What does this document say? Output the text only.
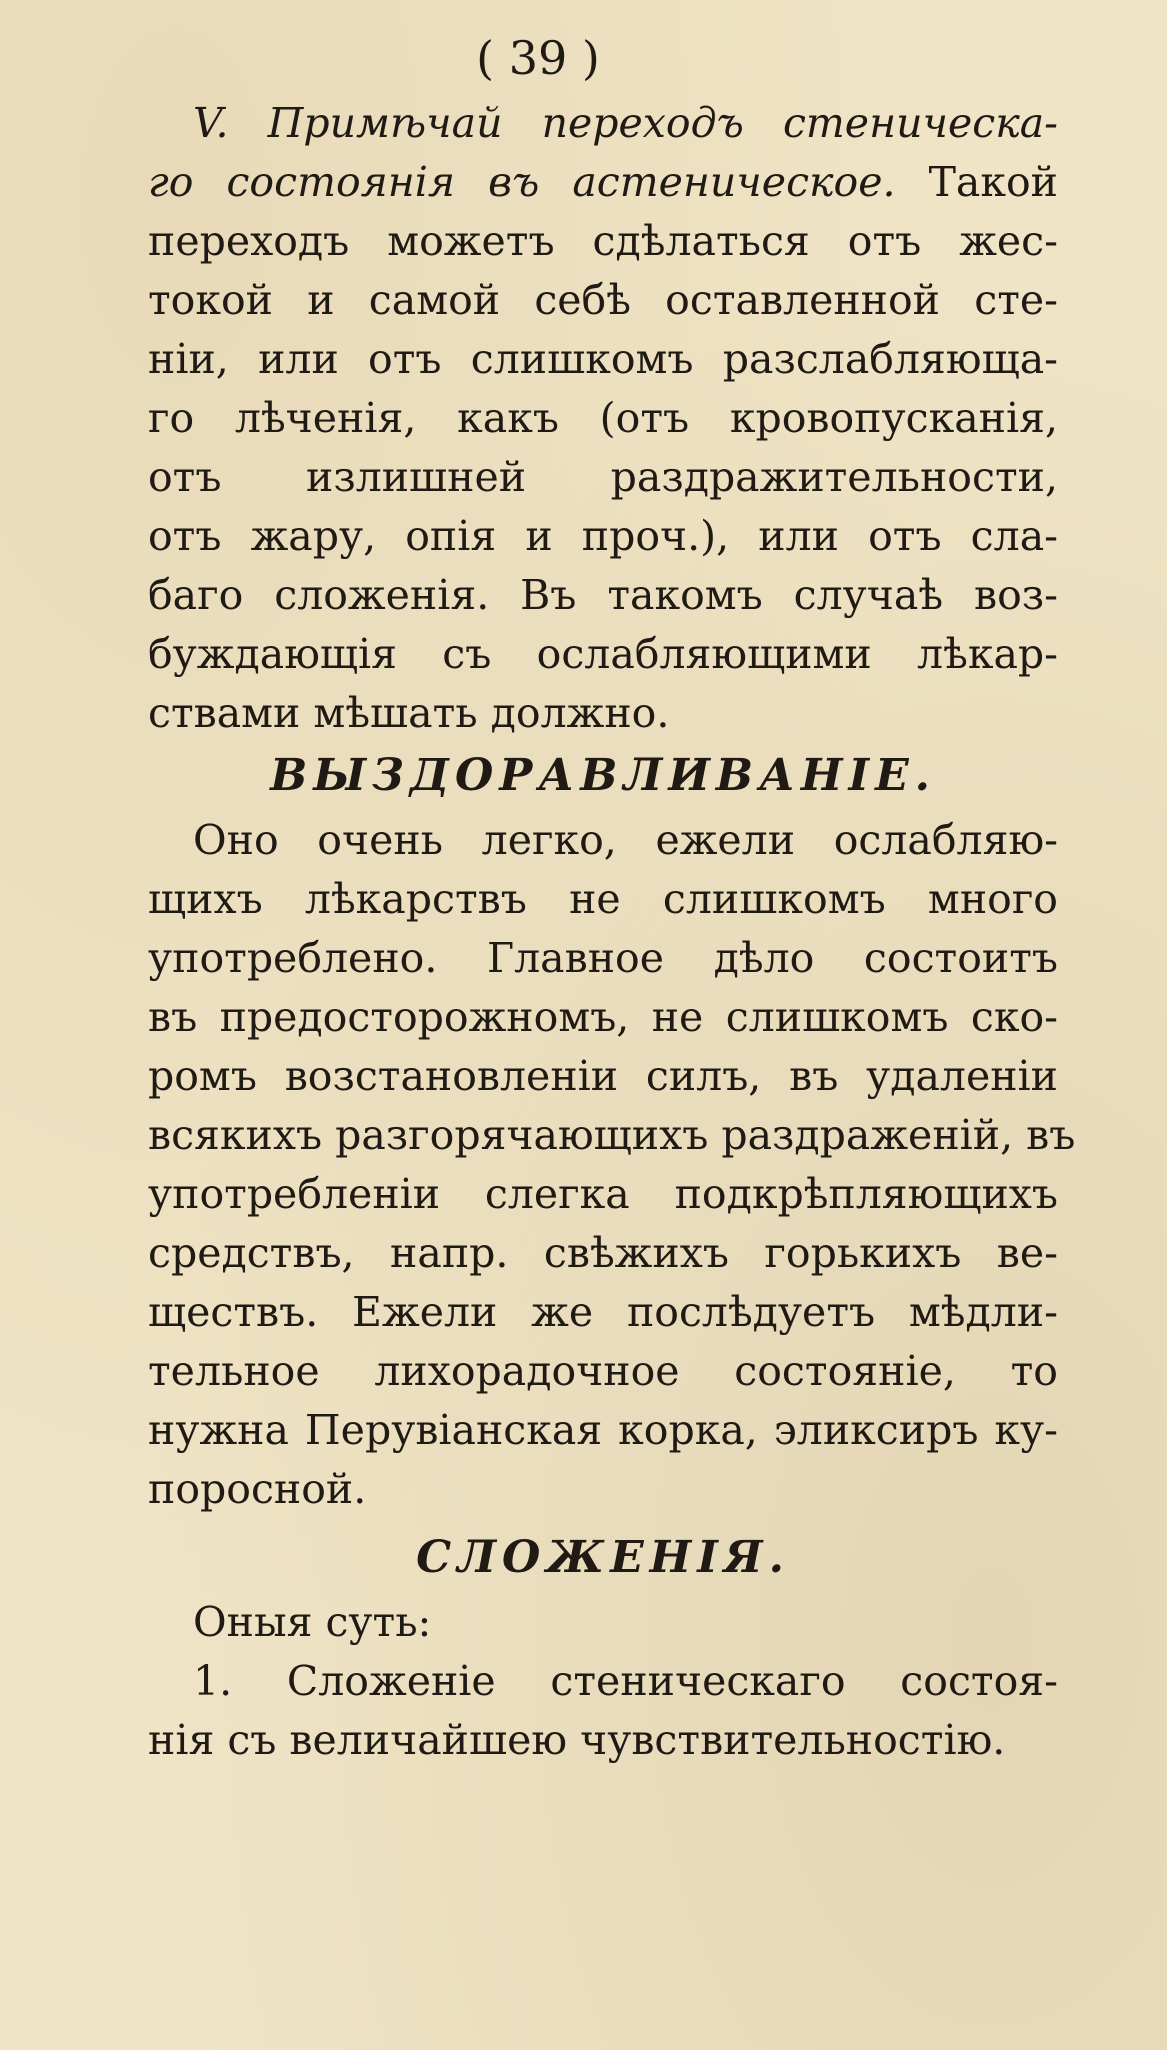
( 39 )
V. Примѣчай переходъ стеническа-
го состоянія въ астеническое. Такой
переходъ можетъ сдѣлаться отъ жес-
токой и самой себѣ оставленной сте-
ніи, или отъ слишкомъ разслабляюща-
го лѣченія, какъ (отъ кровопусканія,
отъ излишней раздражительности,
отъ жару, опія и проч.), или отъ сла-
баго сложенія. Въ такомъ случаѣ воз-
буждающія съ ослабляющими лѣкар-
ствами мѣшать должно.
ВЫЗДОРАВЛИВАНІЕ.
Оно очень легко, ежели ослабляю-
щихъ лѣкарствъ не слишкомъ много
употреблено. Главное дѣло состоитъ
въ предосторожномъ, не слишкомъ ско-
ромъ возстановленіи силъ, въ удаленіи
всякихъ разгорячающихъ раздраженій, въ
употребленіи слегка подкрѣпляющихъ
средствъ, напр. свѣжихъ горькихъ ве-
ществъ. Ежели же послѣдуетъ мѣдли-
тельное лихорадочное состояніе, то
нужна Перувіанская корка, эликсиръ ку-
поросной.
СЛОЖЕНІЯ.
Оныя суть:
1. Сложеніе стеническаго состоя-
нія съ величайшею чувствительностію.
